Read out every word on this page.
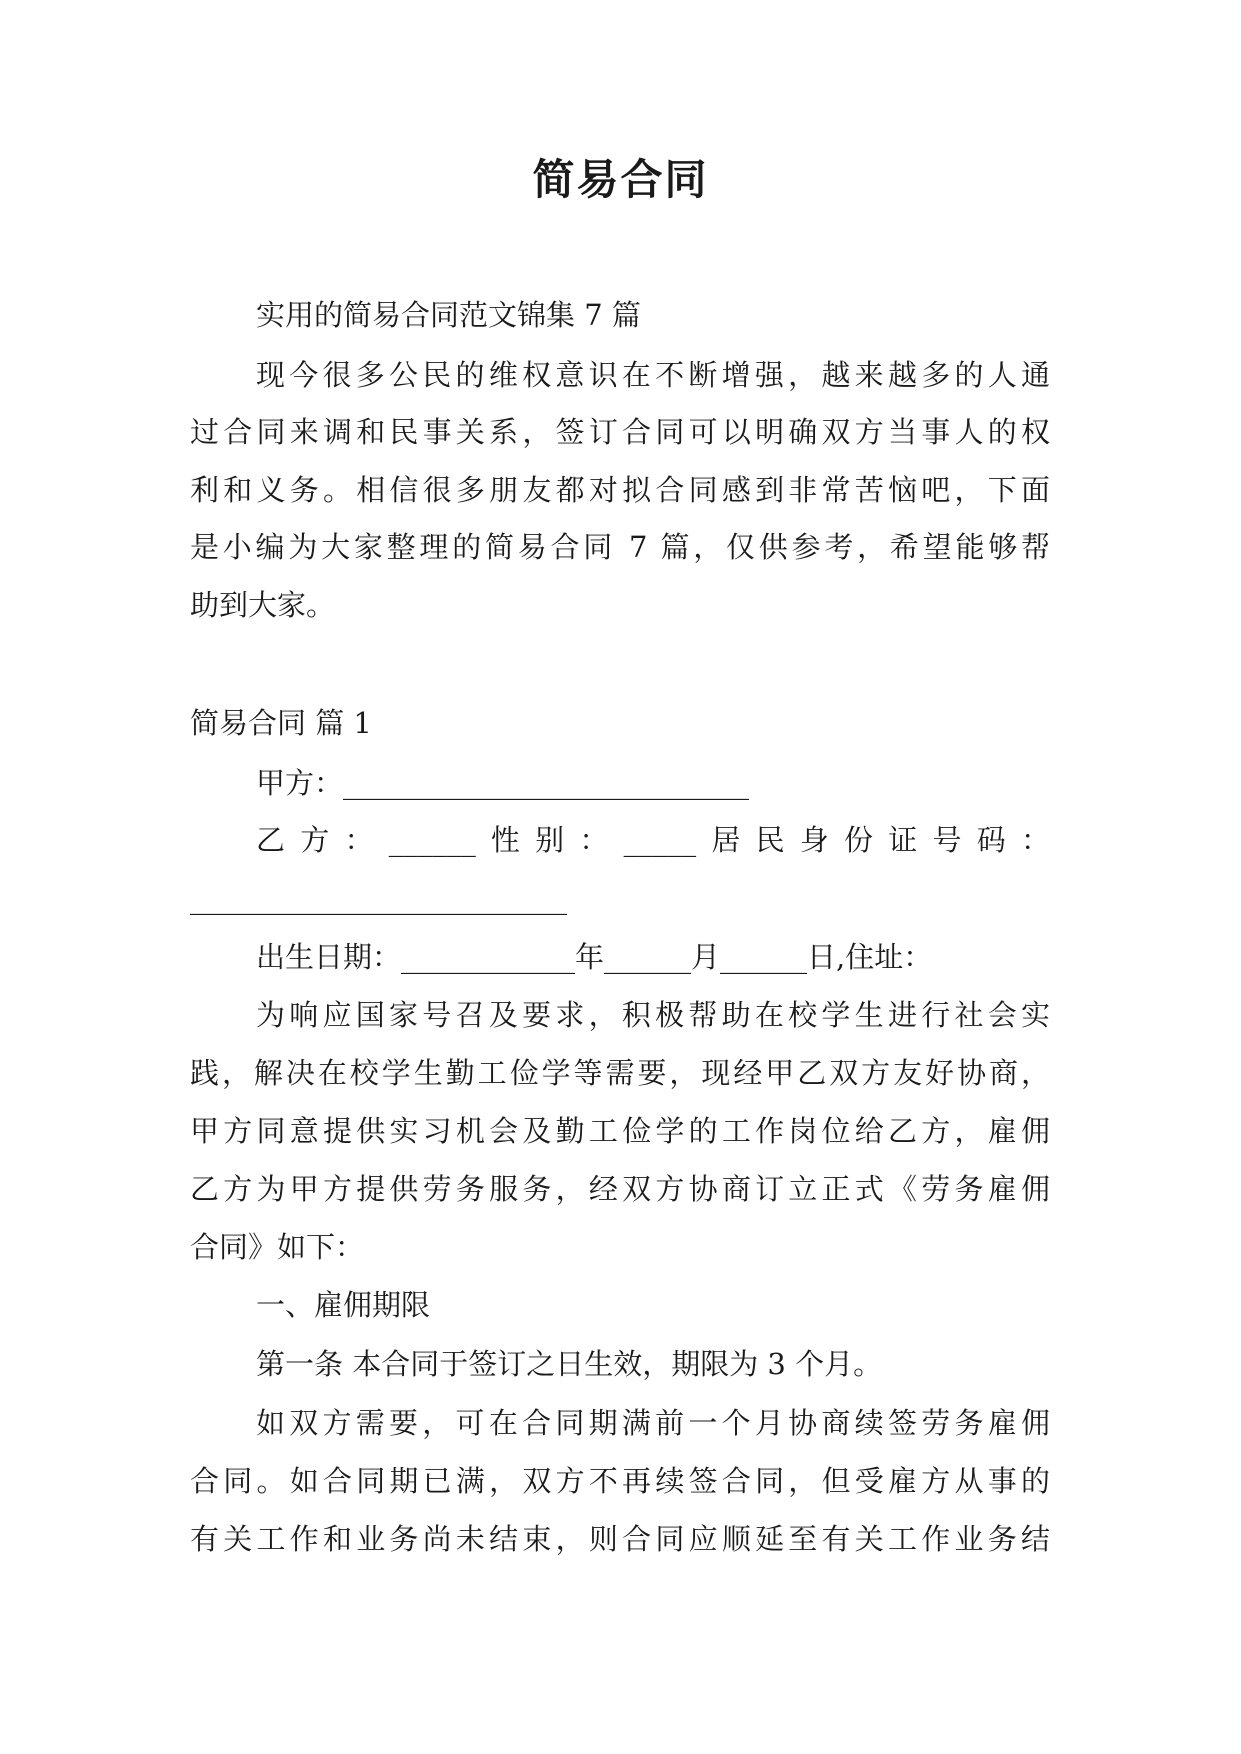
简易合同
实用的简易合同范文锦集 7 篇
现今很多公民的维权意识在不断增强，越来越多的人通
过合同来调和民事关系，签订合同可以明确双方当事人的权
利和义务。相信很多朋友都对拟合同感到非常苦恼吧，下面
是小编为大家整理的简易合同 7 篇，仅供参考，希望能够帮
助到大家。
简易合同 篇 1
甲方：____________________________
乙方：______性别：_____居民身份证号码：
__________________________
出生日期：____________年______月______日,住址：
为响应国家号召及要求，积极帮助在校学生进行社会实
践，解决在校学生勤工俭学等需要，现经甲乙双方友好协商，
甲方同意提供实习机会及勤工俭学的工作岗位给乙方，雇佣
乙方为甲方提供劳务服务，经双方协商订立正式《劳务雇佣
合同》如下：
一、雇佣期限
第一条 本合同于签订之日生效，期限为 3 个月。
如双方需要，可在合同期满前一个月协商续签劳务雇佣
合同。如合同期已满，双方不再续签合同，但受雇方从事的
有关工作和业务尚未结束，则合同应顺延至有关工作业务结
